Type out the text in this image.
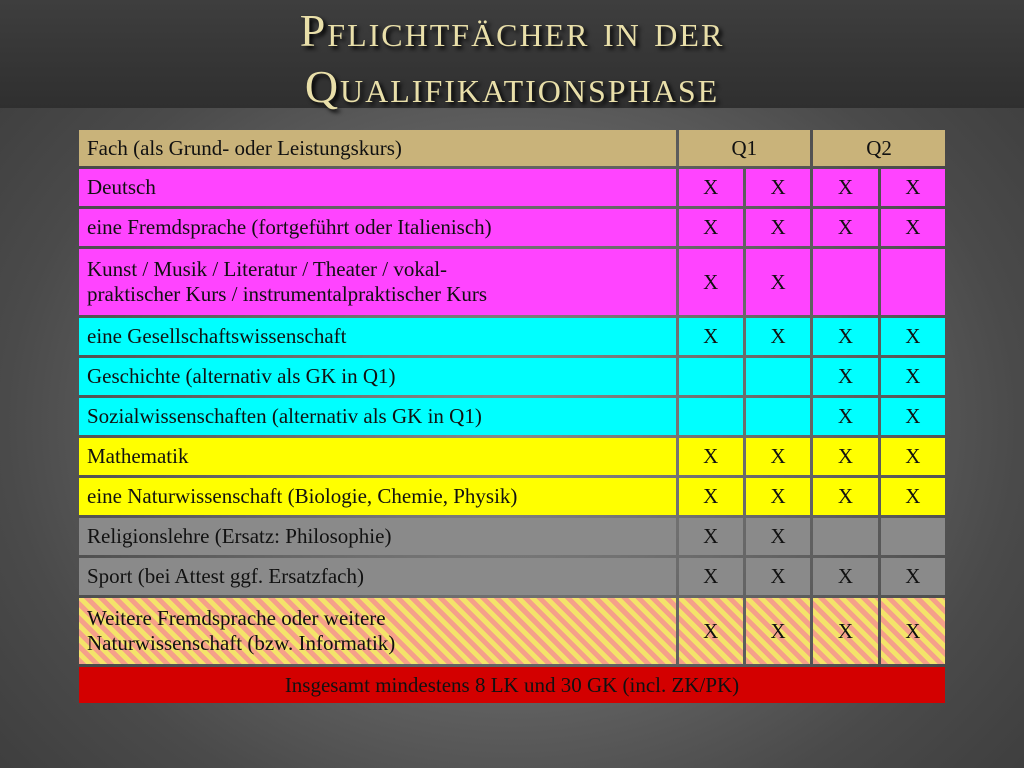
Pflichtfächer in der
Qualifikationsphase
Fach (als Grund- oder Leistungskurs)	Q1		Q2	
Deutsch	X	X	X	X
eine Fremdsprache (fortgeführt oder Italienisch)	X	X	X	X

Kunst / Musik / Literatur / Theater / vokal-
praktischer Kurs / instrumentalpraktischer Kurs	X	X		
eine Gesellschaftswissenschaft	X	X	X	X
Geschichte (alternativ als GK in Q1)			X	X
Sozialwissenschaften (alternativ als GK in Q1)			X	X
Mathematik	X	X	X	X
eine Naturwissenschaft (Biologie, Chemie, Physik)	X	X	X	X
Religionslehre (Ersatz: Philosophie)	X	X		
Sport (bei Attest ggf. Ersatzfach)	X	X	X	X

Weitere Fremdsprache oder weitere
Naturwissenschaft (bzw. Informatik)	X	X	X	X
Insgesamt mindestens 8 LK und 30 GK (incl. ZK/PK)				
